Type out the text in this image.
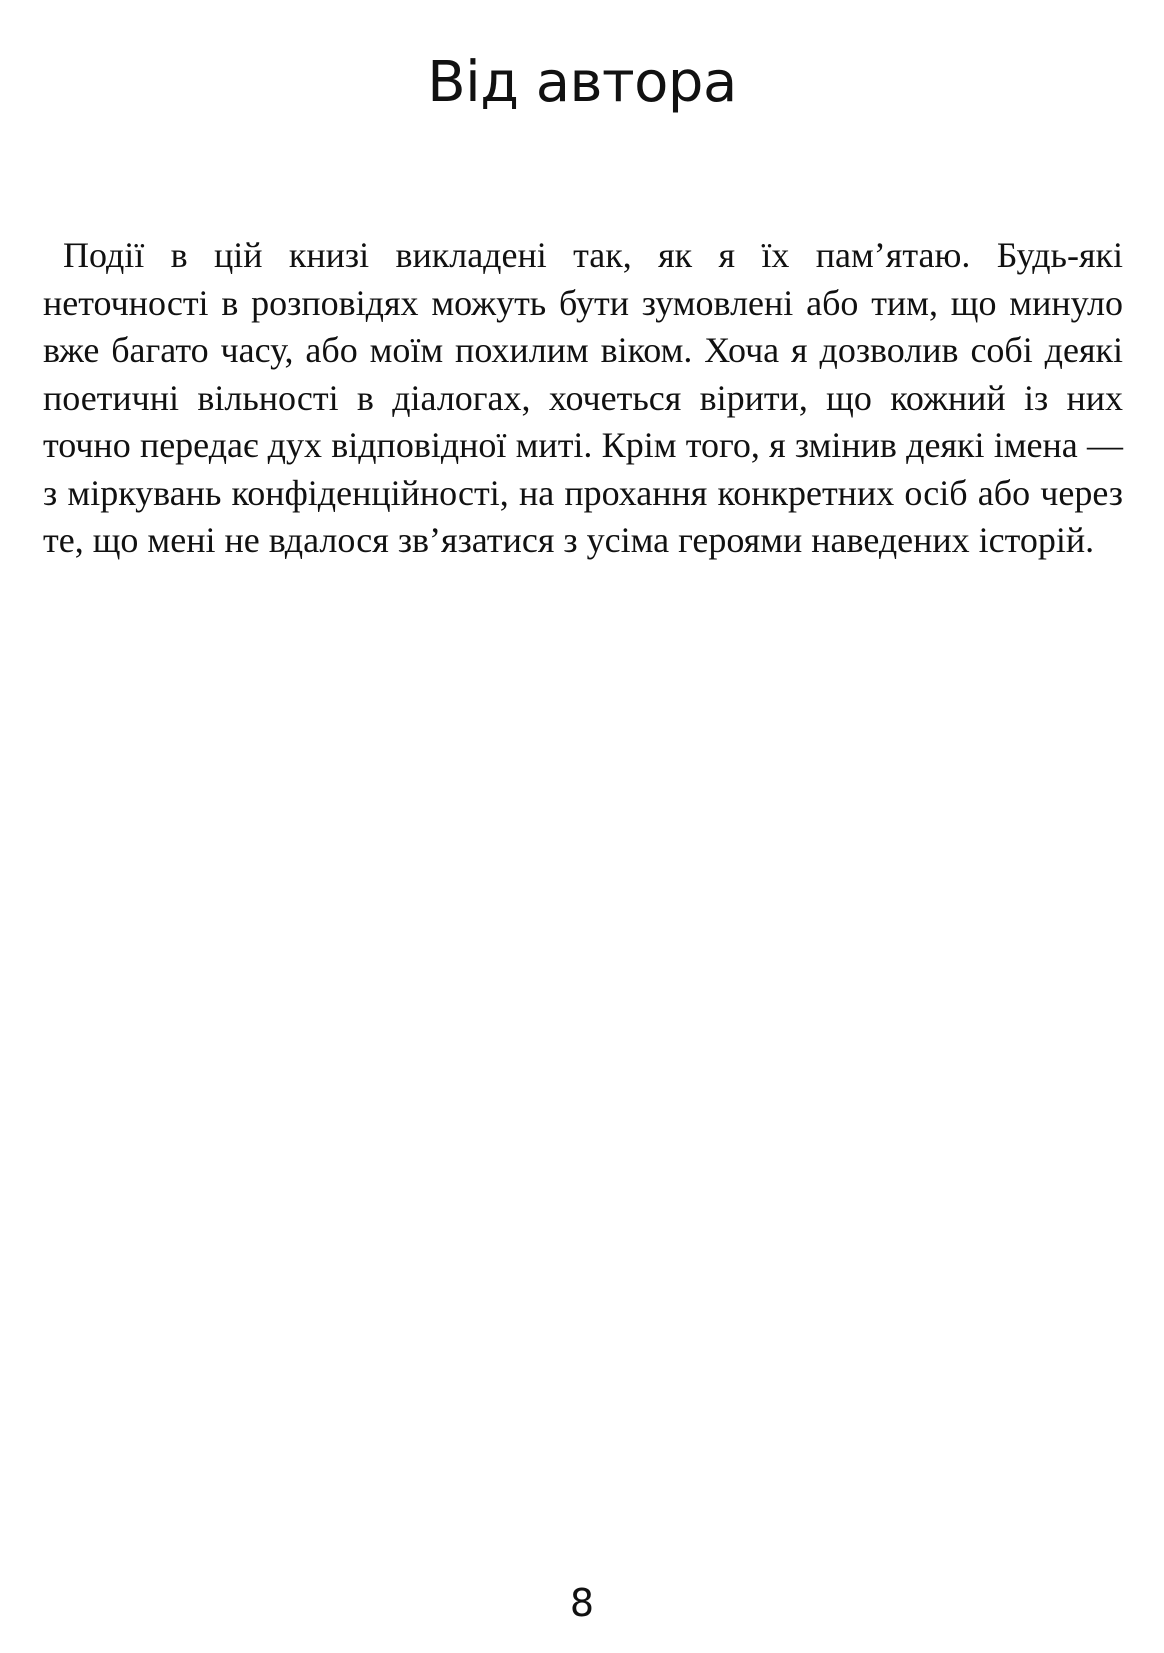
Від автора

Події в цій книзі викладені так, як я їх пам’ятаю. Будь-які неточності в розповідях можуть бути зумовлені або тим, що минуло вже багато часу, або моїм похилим віком. Хоча я дозволив собі деякі поетичні вільності в діалогах, хочеться вірити, що кожний із них точно передає дух відповідної миті. Крім того, я змінив деякі імена — з міркувань конфіденційності, на прохання конкретних осіб або через те, що мені не вдалося зв’язатися з усіма героями наведених історій.

8
